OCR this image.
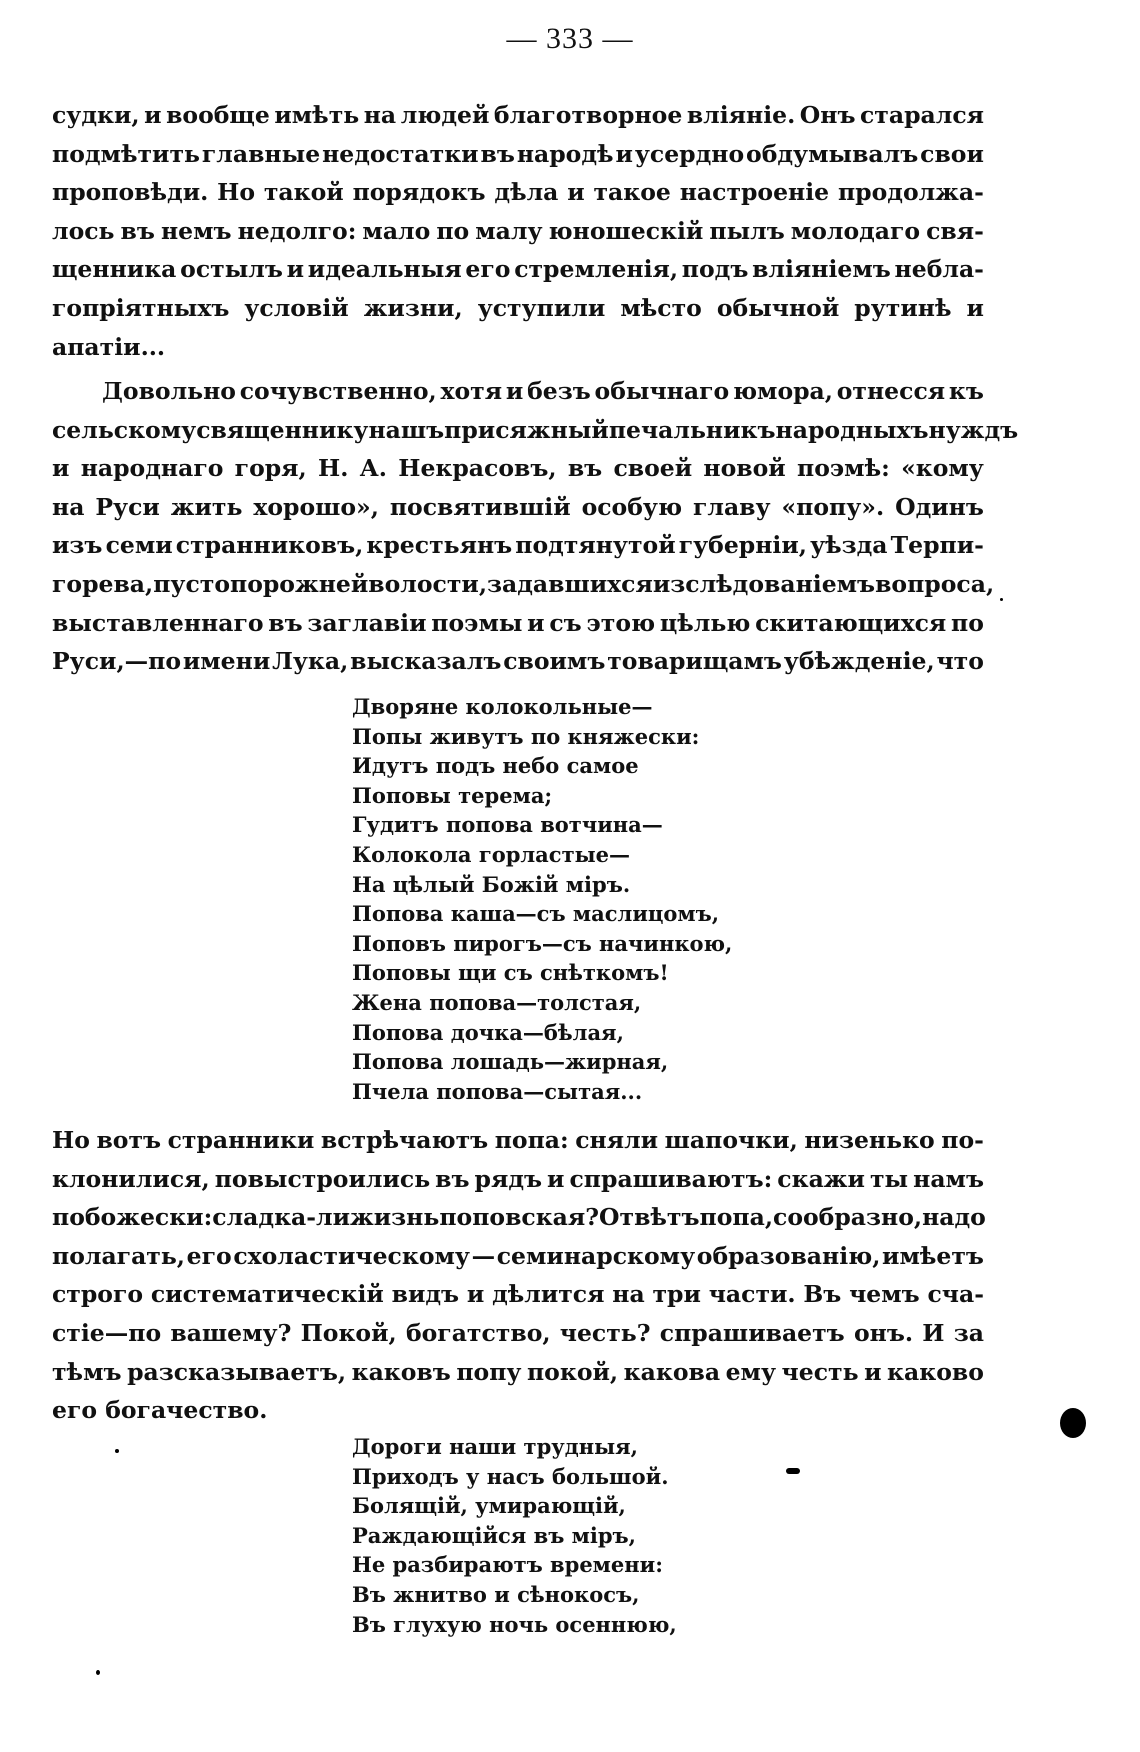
— 333 —
судки, и вообще имѣть на людей благотворное вліяніе. Онъ старался
подмѣтить главные недостатки въ народѣ и усердно обдумывалъ свои
проповѣди. Но такой порядокъ дѣла и такое настроеніе продолжа-
лось въ немъ недолго: мало по малу юношескій пылъ молодаго свя-
щенника остылъ и идеальныя его стремленія, подъ вліяніемъ небла-
гопріятныхъ условій жизни, уступили мѣсто обычной рутинѣ и
апатіи...
Довольно сочувственно, хотя и безъ обычнаго юмора, отнесся къ
сельскому священнику нашъ присяжный печальникъ народныхъ нуждъ
и народнаго горя, Н. А. Некрасовъ, въ своей новой поэмѣ: «кому
на Руси жить хорошо», посвятившій особую главу «попу». Одинъ
изъ семи странниковъ, крестьянъ подтянутой губерніи, уѣзда Терпи-
горева, пустопорожней волости, задавшихся изслѣдованіемъ вопроса,
выставленнаго въ заглавіи поэмы и съ этою цѣлью скитающихся по
Руси,—по имени Лука, высказалъ своимъ товарищамъ убѣжденіе, что
Дворяне колокольные—
Попы живутъ по княжески:
Идутъ подъ небо самое
Поповы терема;
Гудитъ попова вотчина—
Колокола горластые—
На цѣлый Божій міръ.
Попова каша—съ маслицомъ,
Поповъ пирогъ—съ начинкою,
Поповы щи съ снѣткомъ!
Жена попова—толстая,
Попова дочка—бѣлая,
Попова лошадь—жирная,
Пчела попова—сытая...
Но вотъ странники встрѣчаютъ попа: сняли шапочки, низенько по-
клонилися, повыстроились въ рядъ и спрашиваютъ: скажи ты намъ
побожески: сладка-ли жизнь поповская? Отвѣтъ попа, сообразно, надо
полагать, его схоластическому — семинарскому образованію, имѣетъ
строго систематическій видъ и дѣлится на три части. Въ чемъ сча-
стіе—по вашему? Покой, богатство, честь? спрашиваетъ онъ. И за
тѣмъ разсказываетъ, каковъ попу покой, какова ему честь и каково
его богачество.
Дороги наши трудныя,
Приходъ у насъ большой.
Болящій, умирающій,
Раждающійся въ міръ,
Не разбираютъ времени:
Въ жнитво и сѣнокосъ,
Въ глухую ночь осеннюю,
